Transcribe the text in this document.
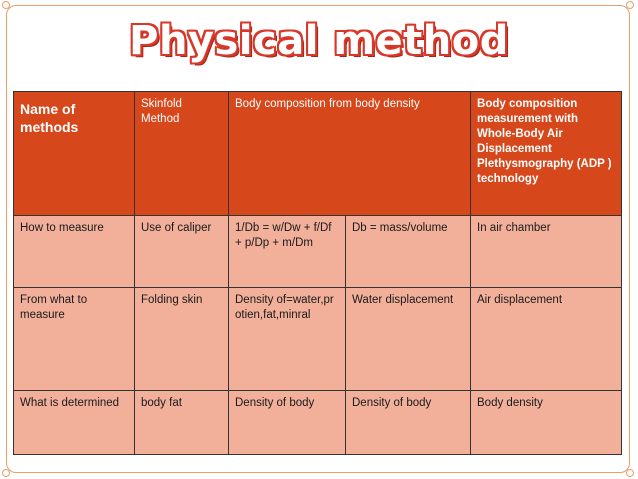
Physical method
Name of methods	Skinfold Method	Body composition from body density		Body composition measurement with Whole-Body Air Displacement Plethysmography (ADP ) technology
How to measure	Use of caliper	1/Db = w/Dw + f/Df + p/Dp + m/Dm	Db = mass/volume	In air chamber
From what to measure	Folding skin	Density of=water,protien,fat,minral	Water displacement	Air displacement
What is determined	body fat	Density of body	Density of body	Body density
